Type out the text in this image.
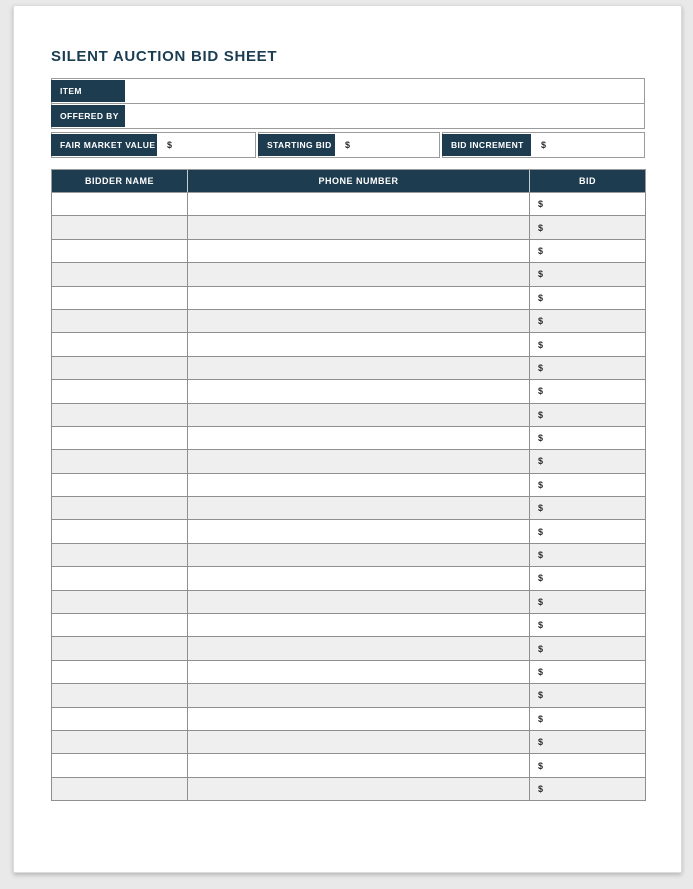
SILENT AUCTION BID SHEET
ITEM
OFFERED BY
FAIR MARKET VALUE $	STARTING BID	$	BID INCREMENT	$
BIDDER NAME	PHONE NUMBER	BID
		$
		$
		$
		$
		$
		$
		$
		$
		$
		$
		$
		$
		$
		$
		$
		$
		$
		$
		$
		$
		$
		$
		$
		$
		$
		$
